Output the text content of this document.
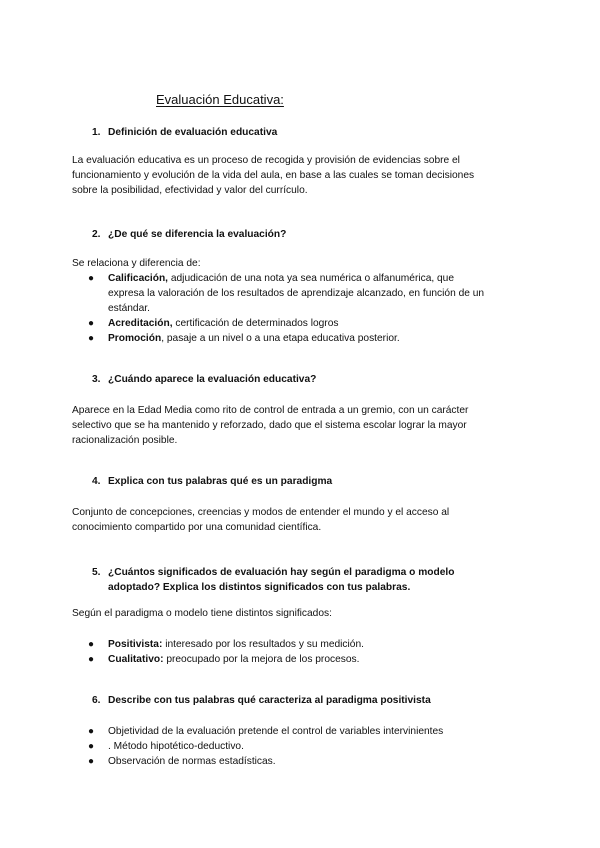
Evaluación Educativa:
1. Definición de evaluación educativa
La evaluación educativa es un proceso de recogida y provisión de evidencias sobre el
funcionamiento y evolución de la vida del aula, en base a las cuales se toman decisiones
sobre la posibilidad, efectividad y valor del currículo.
2. ¿De qué se diferencia la evaluación?
Se relaciona y diferencia de:
● Calificación, adjudicación de una nota ya sea numérica o alfanumérica, que
expresa la valoración de los resultados de aprendizaje alcanzado, en función de un
estándar.
● Acreditación, certificación de determinados logros
● Promoción, pasaje a un nivel o a una etapa educativa posterior.
3. ¿Cuándo aparece la evaluación educativa?
Aparece en la Edad Media como rito de control de entrada a un gremio, con un carácter
selectivo que se ha mantenido y reforzado, dado que el sistema escolar lograr la mayor
racionalización posible.
4. Explica con tus palabras qué es un paradigma
Conjunto de concepciones, creencias y modos de entender el mundo y el acceso al
conocimiento compartido por una comunidad científica.
5. ¿Cuántos significados de evaluación hay según el paradigma o modelo
adoptado? Explica los distintos significados con tus palabras.
Según el paradigma o modelo tiene distintos significados:
● Positivista: interesado por los resultados y su medición.
● Cualitativo: preocupado por la mejora de los procesos.
6. Describe con tus palabras qué caracteriza al paradigma positivista
● Objetividad de la evaluación pretende el control de variables intervinientes
● . Método hipotético-deductivo.
● Observación de normas estadísticas.
